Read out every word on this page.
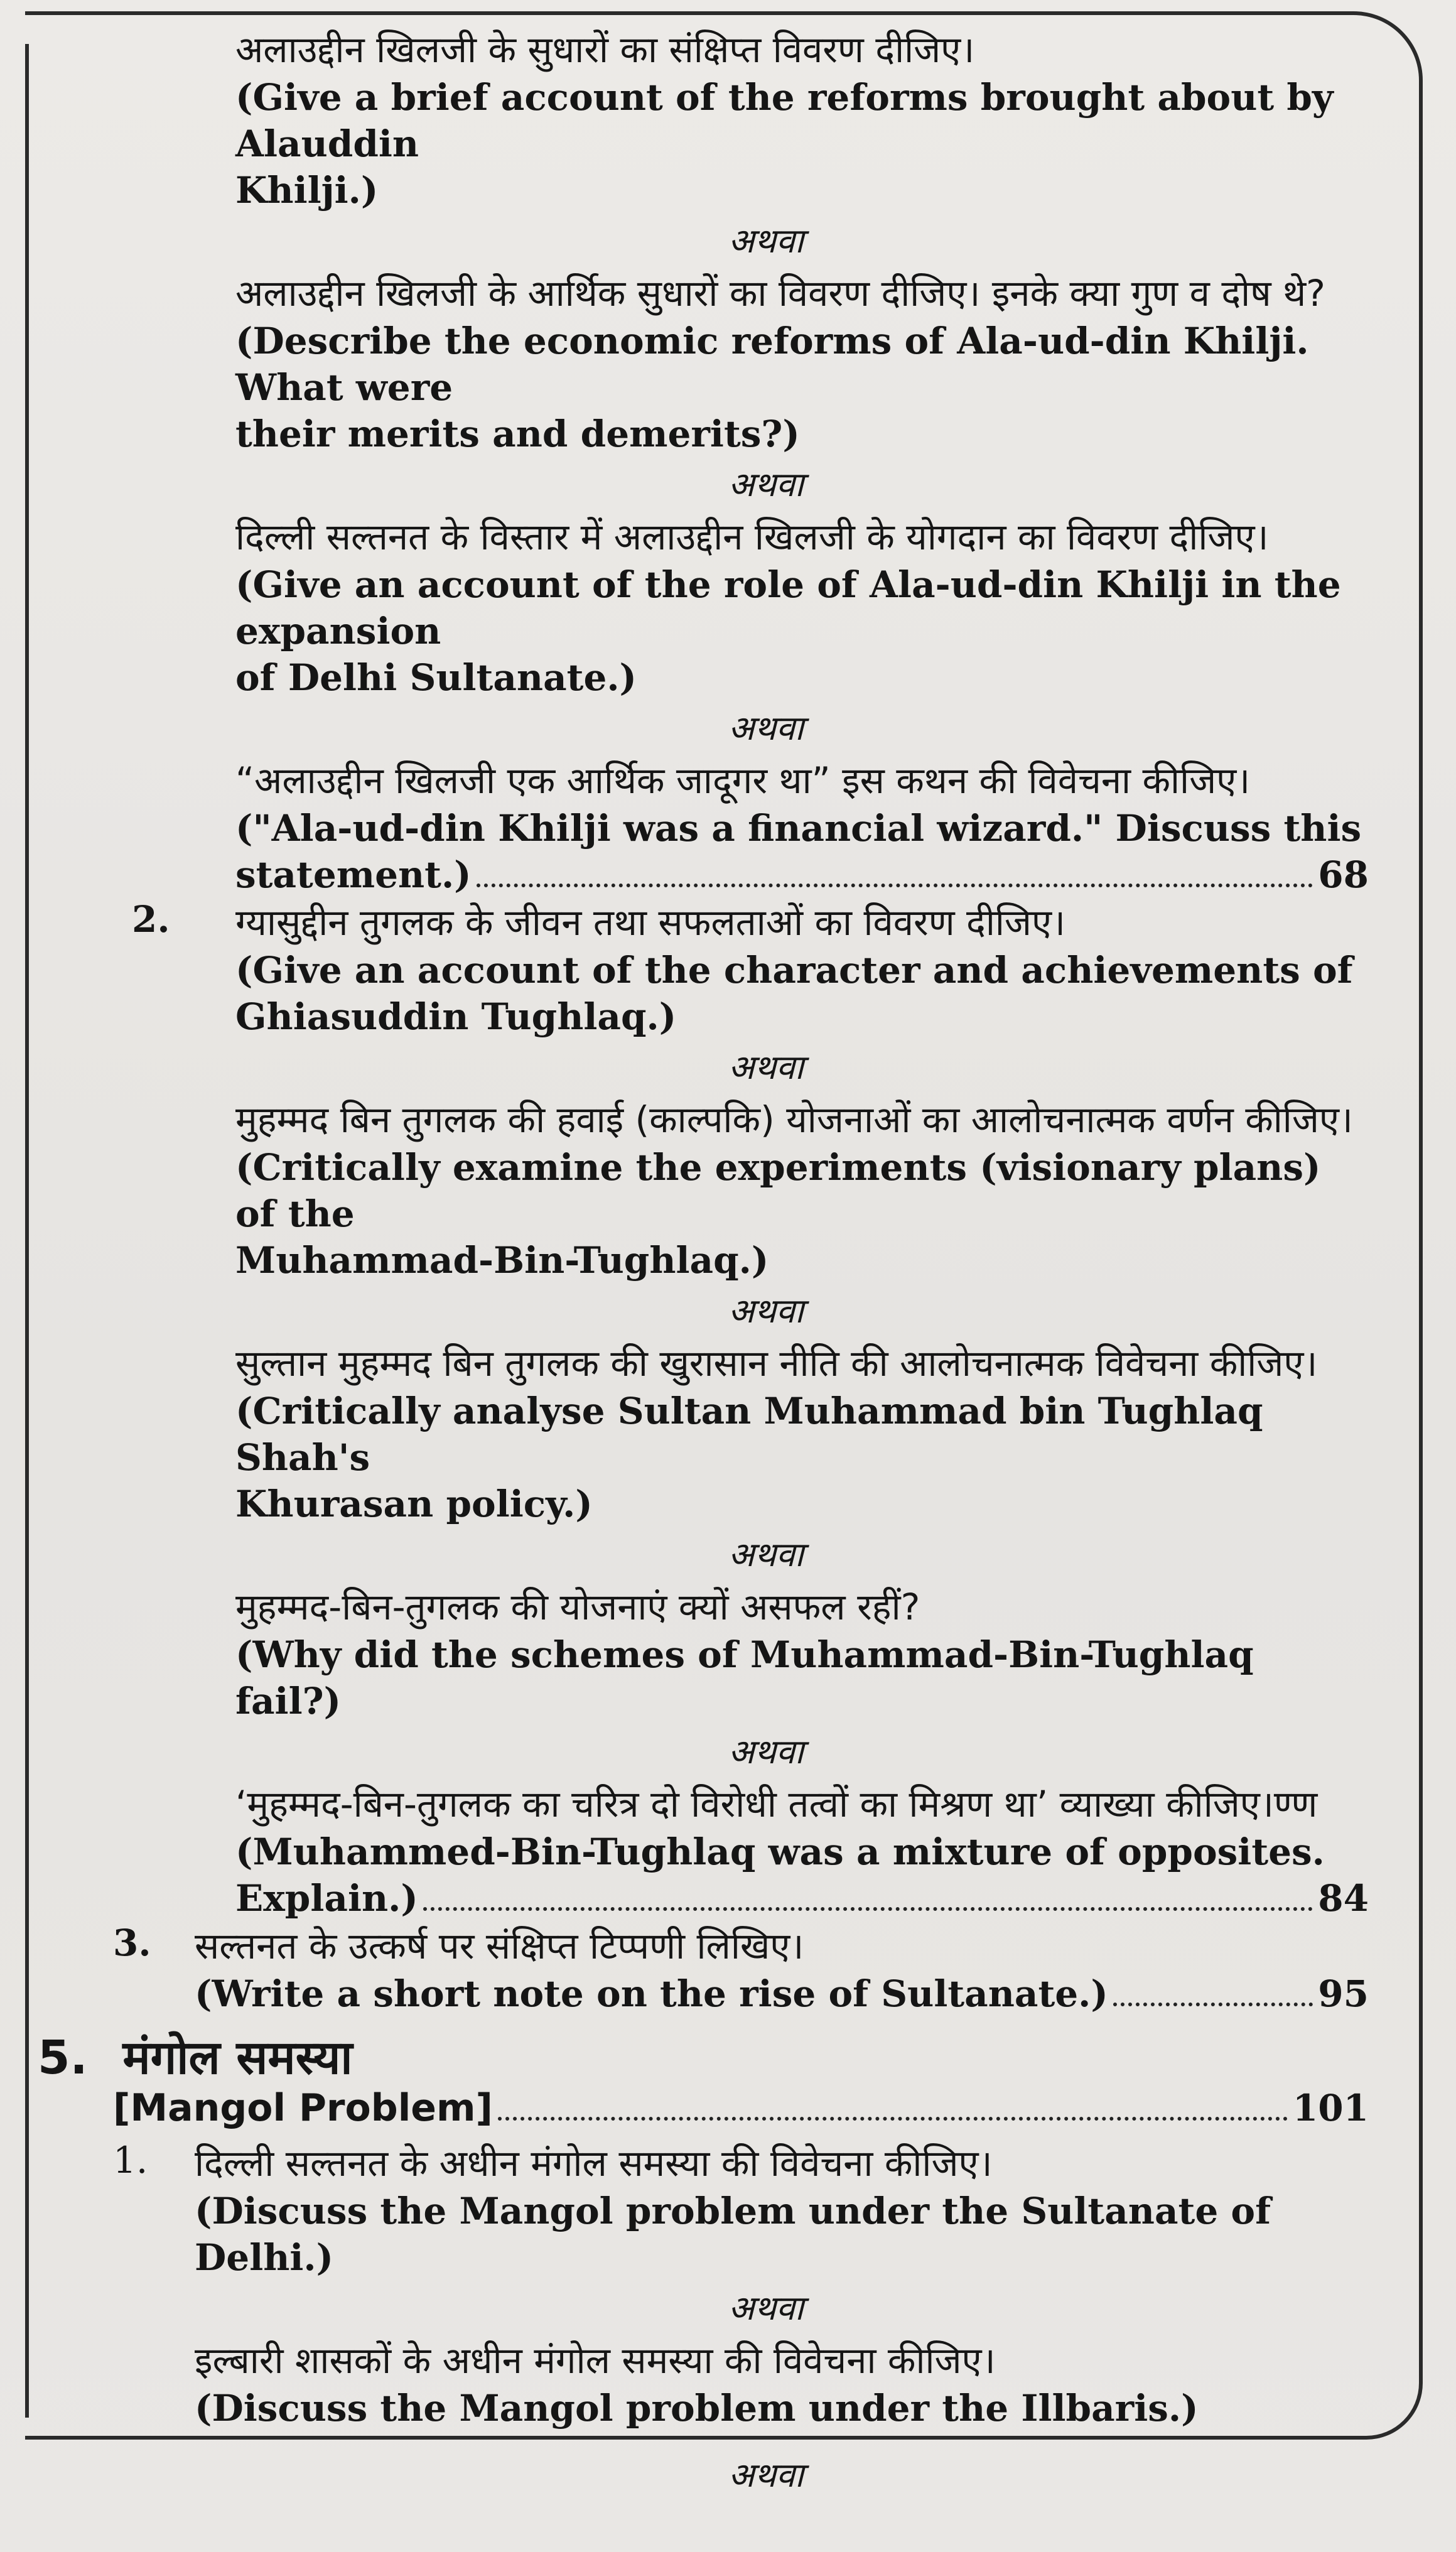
अलाउद्दीन खिलजी के सुधारों का संक्षिप्त विवरण दीजिए।
(Give a brief account of the reforms brought about by Alauddin
Khilji.)
अथवा
अलाउद्दीन खिलजी के आर्थिक सुधारों का विवरण दीजिए। इनके क्या गुण व दोष थे?
(Describe the economic reforms of Ala-ud-din Khilji. What were
their merits and demerits?)
अथवा
दिल्ली सल्तनत के विस्तार में अलाउद्दीन खिलजी के योगदान का विवरण दीजिए।
(Give an account of the role of Ala-ud-din Khilji in the expansion
of Delhi Sultanate.)
अथवा
“अलाउद्दीन खिलजी एक आर्थिक जादूगर था” इस कथन की विवेचना कीजिए।
("Ala-ud-din Khilji was a financial wizard." Discuss this
statement.)	68
2.	ग्यासुद्दीन तुगलक के जीवन तथा सफलताओं का विवरण दीजिए।
(Give an account of the character and achievements of
Ghiasuddin Tughlaq.)
अथवा
मुहम्मद बिन तुगलक की हवाई (काल्पकि) योजनाओं का आलोचनात्मक वर्णन कीजिए।
(Critically examine the experiments (visionary plans) of the
Muhammad-Bin-Tughlaq.)
अथवा
सुल्तान मुहम्मद बिन तुगलक की खुरासान नीति की आलोचनात्मक विवेचना कीजिए।
(Critically analyse Sultan Muhammad bin Tughlaq Shah's
Khurasan policy.)
अथवा
मुहम्मद-बिन-तुगलक की योजनाएं क्यों असफल रहीं?
(Why did the schemes of Muhammad-Bin-Tughlaq fail?)
अथवा
‘मुहम्मद-बिन-तुगलक का चरित्र दो विरोधी तत्वों का मिश्रण था’ व्याख्या कीजिए।ण्ण
(Muhammed-Bin-Tughlaq was a mixture of opposites.
Explain.)	84
3.	सल्तनत के उत्कर्ष पर संक्षिप्त टिप्पणी लिखिए।
(Write a short note on the rise of Sultanate.)	95
5. मंगोल समस्या
[Mangol Problem]	101
1.	दिल्ली सल्तनत के अधीन मंगोल समस्या की विवेचना कीजिए।
(Discuss the Mangol problem under the Sultanate of Delhi.)
अथवा
इल्बारी शासकों के अधीन मंगोल समस्या की विवेचना कीजिए।
(Discuss the Mangol problem under the Illbaris.)
अथवा
